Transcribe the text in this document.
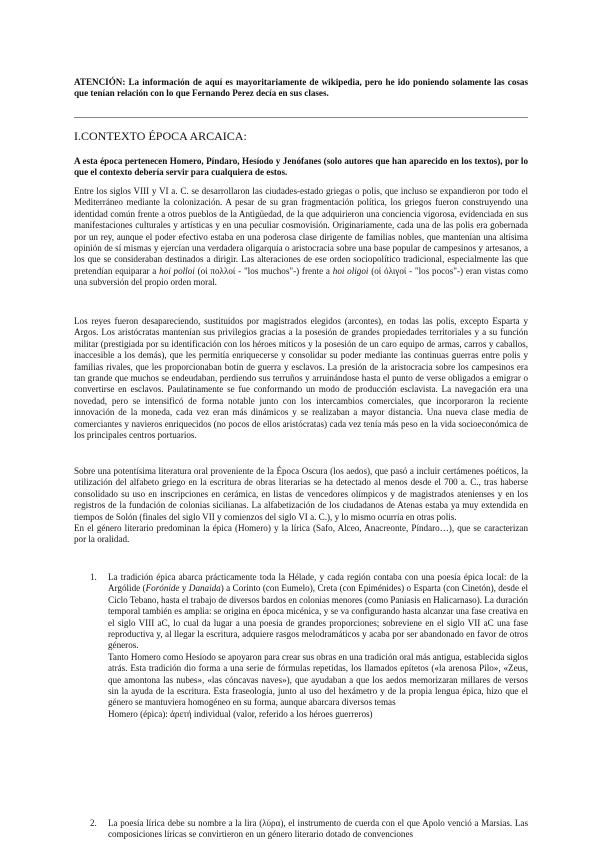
ATENCIÓN: La información de aquí es mayoritariamente de wikipedia, pero he ido poniendo solamente las cosas que tenían relación con lo que Fernando Perez decía en sus clases.
I.CONTEXTO ÉPOCA ARCAICA:
A esta época pertenecen Homero, Píndaro, Hesíodo y Jenófanes (solo autores que han aparecido en los textos), por lo que el contexto debería servir para cualquiera de estos.
Entre los siglos VIII y VI a. C. se desarrollaron las ciudades-estado griegas o polis, que incluso se expandieron por todo el Mediterráneo mediante la colonización. A pesar de su gran fragmentación política, los griegos fueron construyendo una identidad común frente a otros pueblos de la Antigüedad, de la que adquirieron una conciencia vigorosa, evidenciada en sus manifestaciones culturales y artísticas y en una peculiar cosmovisión. Originariamente, cada una de las polis era gobernada por un rey, aunque el poder efectivo estaba en una poderosa clase dirigente de familias nobles, que mantenían una altísima opinión de sí mismas y ejercían una verdadera oligarquía o aristocracia sobre una base popular de campesinos y artesanos, a los que se consideraban destinados a dirigir. Las alteraciones de ese orden sociopolítico tradicional, especialmente las que pretendían equiparar a hoi polloi (οἱ πολλοί - "los muchos"-) frente a hoi oligoi (οἱ ὀλιγοί - "los pocos"-) eran vistas como una subversión del propio orden moral.
Los reyes fueron desapareciendo, sustituidos por magistrados elegidos (arcontes), en todas las polis, excepto Esparta y Argos. Los aristócratas mantenían sus privilegios gracias a la posesión de grandes propiedades territoriales y a su función militar (prestigiada por su identificación con los héroes míticos y la posesión de un caro equipo de armas, carros y caballos, inaccesible a los demás), que les permitía enriquecerse y consolidar su poder mediante las continuas guerras entre polis y familias rivales, que les proporcionaban botín de guerra y esclavos. La presión de la aristocracia sobre los campesinos era tan grande que muchos se endeudaban, perdiendo sus terruños y arruinándose hasta el punto de verse obligados a emigrar o convertirse en esclavos. Paulatinamente se fue conformando un modo de producción esclavista. La navegación era una novedad, pero se intensificó de forma notable junto con los intercambios comerciales, que incorporaron la reciente innovación de la moneda, cada vez eran más dinámicos y se realizaban a mayor distancia. Una nueva clase media de comerciantes y navieros enriquecidos (no pocos de ellos aristócratas) cada vez tenía más peso en la vida socioeconómica de los principales centros portuarios.
Sobre una potentísima literatura oral proveniente de la Época Oscura (los aedos), que pasó a incluir certámenes poéticos, la utilización del alfabeto griego en la escritura de obras literarias se ha detectado al menos desde el 700 a. C., tras haberse consolidado su uso en inscripciones en cerámica, en listas de vencedores olímpicos y de magistrados atenienses y en los registros de la fundación de colonias sicilianas. La alfabetización de los ciudadanos de Atenas estaba ya muy extendida en tiempos de Solón (finales del siglo VII y comienzos del siglo VI a. C.), y lo mismo ocurría en otras polis.
En el género literario predominan la épica (Homero) y la lírica (Safo, Alceo, Anacreonte, Píndaro…), que se caracterizan por la oralidad.
1. La tradición épica abarca prácticamente toda la Hélade, y cada región contaba con una poesía épica local: de la Argólide (Forónide y Danaida) a Corinto (con Eumelo), Creta (con Epiménides) o Esparta (con Cinetón), desde el Ciclo Tebano, hasta el trabajo de diversos bardos en colonias menores (como Paniasis en Halicarnaso). La duración temporal también es amplia: se origina en época micénica, y se va configurando hasta alcanzar una fase creativa en el siglo VIII aC, lo cual da lugar a una poesía de grandes proporciones; sobreviene en el siglo VII aC una fase reproductiva y, al llegar la escritura, adquiere rasgos melodramáticos y acaba por ser abandonado en favor de otros géneros.

Tanto Homero como Hesíodo se apoyaron para crear sus obras en una tradición oral más antigua, establecida siglos atrás. Esta tradición dio forma a una serie de fórmulas repetidas, los llamados epítetos («la arenosa Pilo», «Zeus, que amontona las nubes», «las cóncavas naves»), que ayudaban a que los aedos memorizaran millares de versos sin la ayuda de la escritura. Esta fraseología, junto al uso del hexámetro y de la propia lengua épica, hizo que el género se mantuviera homogéneo en su forma, aunque abarcara diversos temas

Homero (épica): ἀρετή individual (valor, referido a los héroes guerreros)

2. La poesía lírica debe su nombre a la lira (λύρα), el instrumento de cuerda con el que Apolo venció a Marsias. Las composiciones líricas se convirtieron en un género literario dotado de convenciones
